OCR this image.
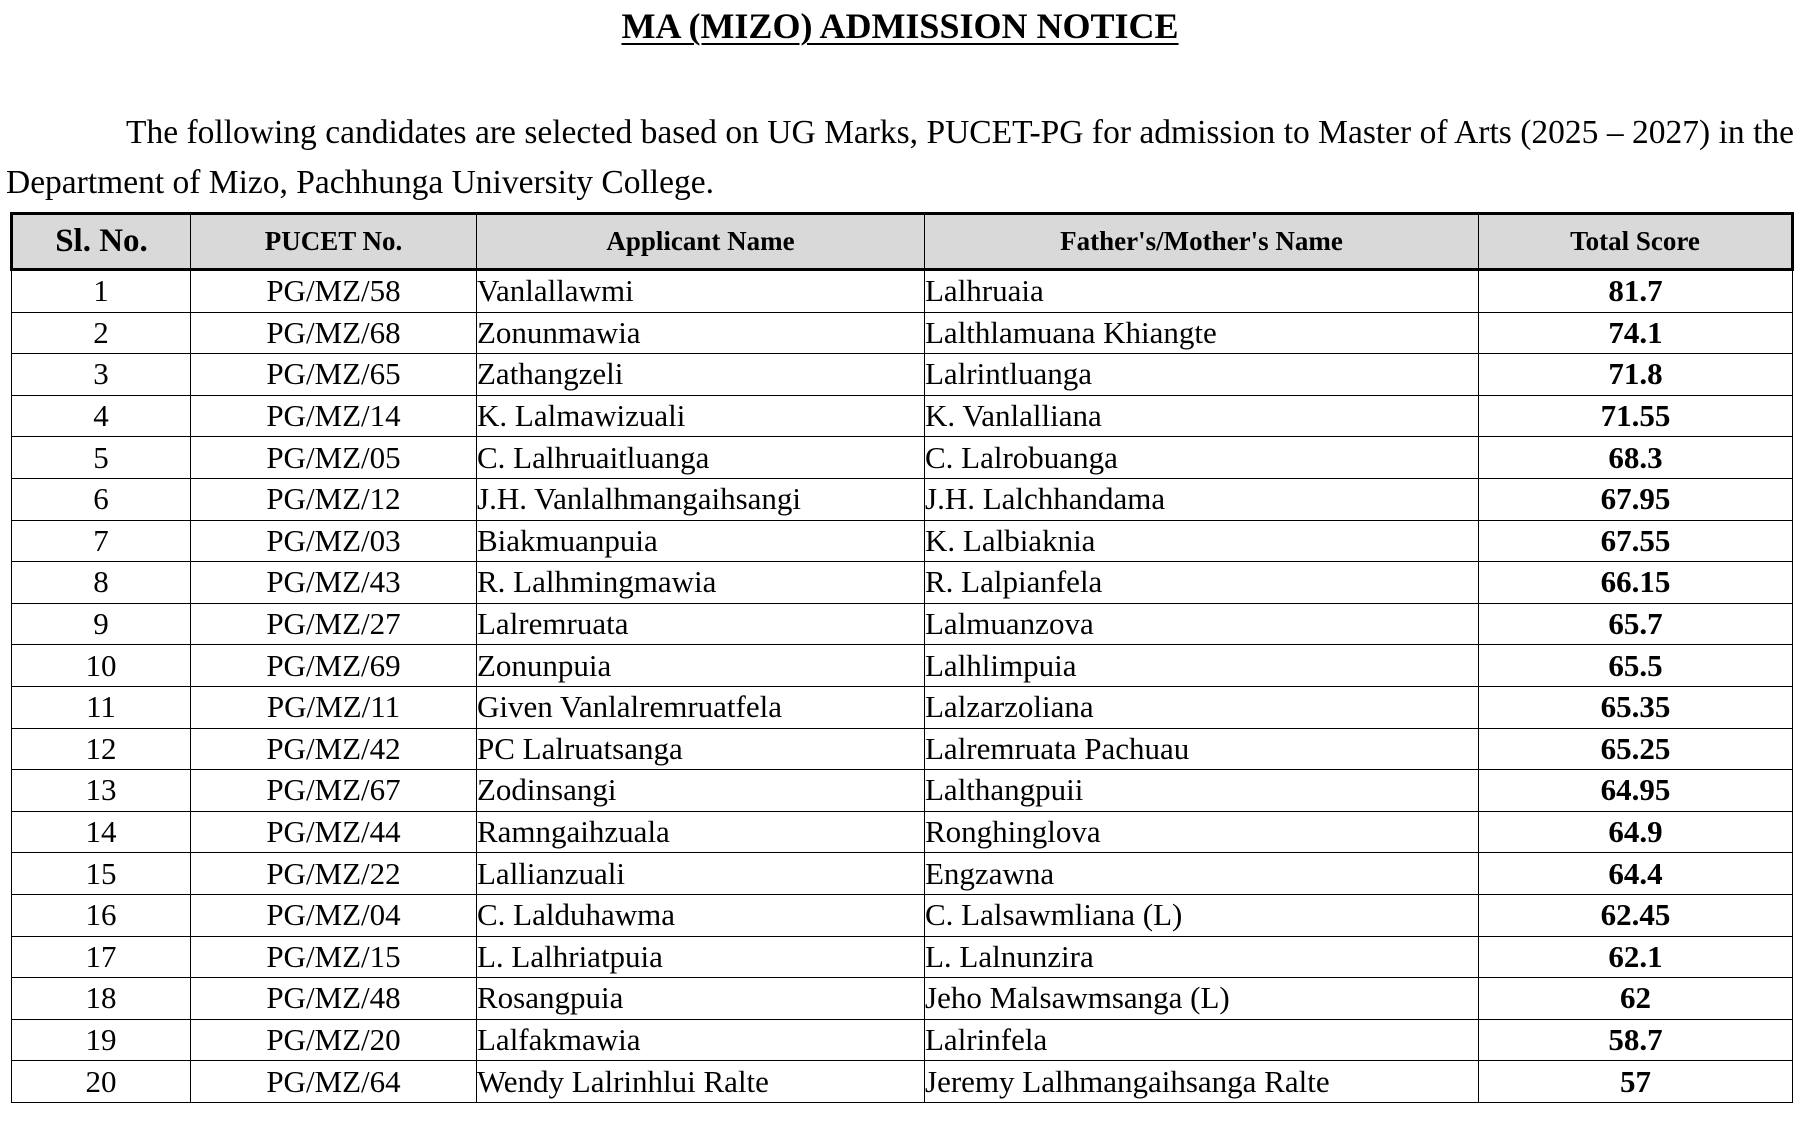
MA (MIZO) ADMISSION NOTICE

The following candidates are selected based on UG Marks, PUCET-PG for admission to Master of Arts (2025 – 2027) in the Department of Mizo, Pachhunga University College.

Sl. No.	PUCET No.	Applicant Name	Father's/Mother's Name	Total Score
1	PG/MZ/58	Vanlallawmi	Lalhruaia	81.7
2	PG/MZ/68	Zonunmawia	Lalthlamuana Khiangte	74.1
3	PG/MZ/65	Zathangzeli	Lalrintluanga	71.8
4	PG/MZ/14	K. Lalmawizuali	K. Vanlalliana	71.55
5	PG/MZ/05	C. Lalhruaitluanga	C. Lalrobuanga	68.3
6	PG/MZ/12	J.H. Vanlalhmangaihsangi	J.H. Lalchhandama	67.95
7	PG/MZ/03	Biakmuanpuia	K. Lalbiaknia	67.55
8	PG/MZ/43	R. Lalhmingmawia	R. Lalpianfela	66.15
9	PG/MZ/27	Lalremruata	Lalmuanzova	65.7
10	PG/MZ/69	Zonunpuia	Lalhlimpuia	65.5
11	PG/MZ/11	Given Vanlalremruatfela	Lalzarzoliana	65.35
12	PG/MZ/42	PC Lalruatsanga	Lalremruata Pachuau	65.25
13	PG/MZ/67	Zodinsangi	Lalthangpuii	64.95
14	PG/MZ/44	Ramngaihzuala	Ronghinglova	64.9
15	PG/MZ/22	Lallianzuali	Engzawna	64.4
16	PG/MZ/04	C. Lalduhawma	C. Lalsawmliana (L)	62.45
17	PG/MZ/15	L. Lalhriatpuia	L. Lalnunzira	62.1
18	PG/MZ/48	Rosangpuia	Jeho Malsawmsanga (L)	62
19	PG/MZ/20	Lalfakmawia	Lalrinfela	58.7
20	PG/MZ/64	Wendy Lalrinhlui Ralte	Jeremy Lalhmangaihsanga Ralte	57
